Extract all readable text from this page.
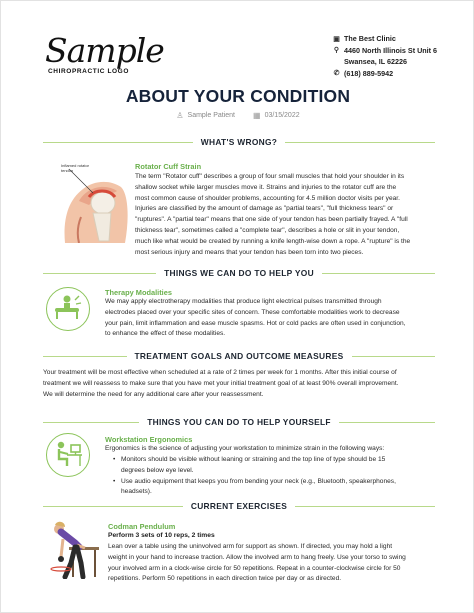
Sample
CHIROPRACTIC LOGO
▣ The Best Clinic
⚲ 4460 North Illinois St Unit 6
Swansea, IL 62226
✆ (618) 889-5942
ABOUT YOUR CONDITION
♙ Sample Patient ▦ 03/15/2022
WHAT'S WRONG?
Inflamed rotator tendon	Rotator Cuff Strain
The term "Rotator cuff" describes a group of four small muscles that hold your shoulder in its
shallow socket while larger muscles move it. Strains and injuries to the rotator cuff are the
most common cause of shoulder problems, accounting for 4.5 million doctor visits per year.
Injuries are classified by the amount of damage as "partial tears", "full thickness tears" or
"ruptures". A "partial tear" means that one side of your tendon has been partially frayed. A "full
thickness tear", sometimes called a "complete tear", describes a hole or slit in your tendon,
much like what would be created by running a knife length-wise down a rope. A "rupture" is the
most serious injury and means that your tendon has been torn into two pieces.
THINGS WE CAN DO TO HELP YOU
Therapy Modalities
We may apply electrotherapy modalities that produce light electrical pulses transmitted through
electrodes placed over your specific sites of concern. These comfortable modalities work to decrease
your pain, limit inflammation and ease muscle spasms. Hot or cold packs are often used in conjunction,
to enhance the effect of these modalities.
TREATMENT GOALS AND OUTCOME MEASURES
Your treatment will be most effective when scheduled at a rate of 2 times per week for 1 months. After this initial course of
treatment we will reassess to make sure that you have met your initial treatment goal of at least 90% overall improvement.
We will determine the need for any additional care after your reassessment.
THINGS YOU CAN DO TO HELP YOURSELF
Workstation Ergonomics
Ergonomics is the science of adjusting your workstation to minimize strain in the following ways:
• Monitors should be visible without leaning or straining and the top line of type should be 15
degrees below eye level.
• Use audio equipment that keeps you from bending your neck (e.g., Bluetooth, speakerphones,
headsets).
CURRENT EXERCISES
Codman Pendulum
Perform 3 sets of 10 reps, 2 times
Lean over a table using the uninvolved arm for support as shown. If directed, you may hold a light
weight in your hand to increase traction. Allow the involved arm to hang freely. Use your torso to swing
your involved arm in a clock-wise circle for 50 repetitions. Repeat in a counter-clockwise circle for 50
repetitions. Perform 50 repetitions in each direction twice per day or as directed.
